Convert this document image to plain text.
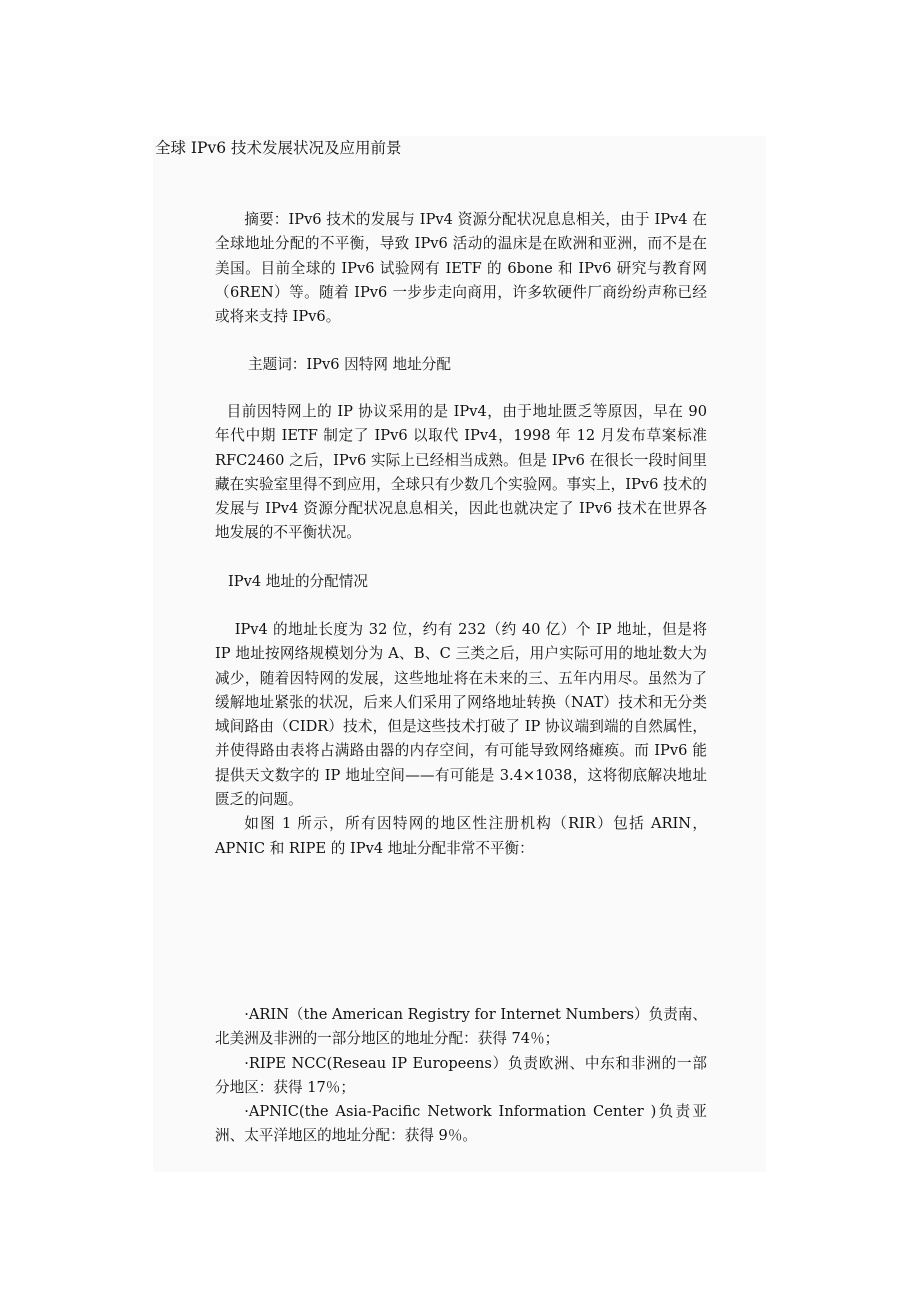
全球 IPv6 技术发展状况及应用前景

摘要：IPv6 技术的发展与 IPv4 资源分配状况息息相关，由于 IPv4 在全球地址分配的不平衡，导致 IPv6 活动的温床是在欧洲和亚洲，而不是在美国。目前全球的 IPv6 试验网有 IETF 的 6bone 和 IPv6 研究与教育网（6REN）等。随着 IPv6 一步步走向商用，许多软硬件厂商纷纷声称已经或将来支持 IPv6。

主题词：IPv6 因特网 地址分配

目前因特网上的 IP 协议采用的是 IPv4，由于地址匮乏等原因，早在 90 年代中期 IETF 制定了 IPv6 以取代 IPv4，1998 年 12 月发布草案标准 RFC2460 之后，IPv6 实际上已经相当成熟。但是 IPv6 在很长一段时间里藏在实验室里得不到应用，全球只有少数几个实验网。事实上，IPv6 技术的发展与 IPv4 资源分配状况息息相关，因此也就决定了 IPv6 技术在世界各地发展的不平衡状况。

IPv4 地址的分配情况

IPv4 的地址长度为 32 位，约有 232（约 40 亿）个 IP 地址，但是将 IP 地址按网络规模划分为 A、B、C 三类之后，用户实际可用的地址数大为减少，随着因特网的发展，这些地址将在未来的三、五年内用尽。虽然为了缓解地址紧张的状况，后来人们采用了网络地址转换（NAT）技术和无分类域间路由（CIDR）技术，但是这些技术打破了 IP 协议端到端的自然属性，并使得路由表将占满路由器的内存空间，有可能导致网络瘫痪。而 IPv6 能提供天文数字的 IP 地址空间——有可能是 3.4×1038，这将彻底解决地址匮乏的问题。

如图 1 所示，所有因特网的地区性注册机构（RIR）包括 ARIN，APNIC 和 RIPE 的 IPv4 地址分配非常不平衡：

·ARIN（the American Registry for Internet Numbers）负责南、北美洲及非洲的一部分地区的地址分配：获得 74％；

·RIPE NCC(Reseau IP Europeens）负责欧洲、中东和非洲的一部分地区：获得 17％；

·APNIC(the Asia-Pacific Network Information Center )负责亚洲、太平洋地区的地址分配：获得 9％。
